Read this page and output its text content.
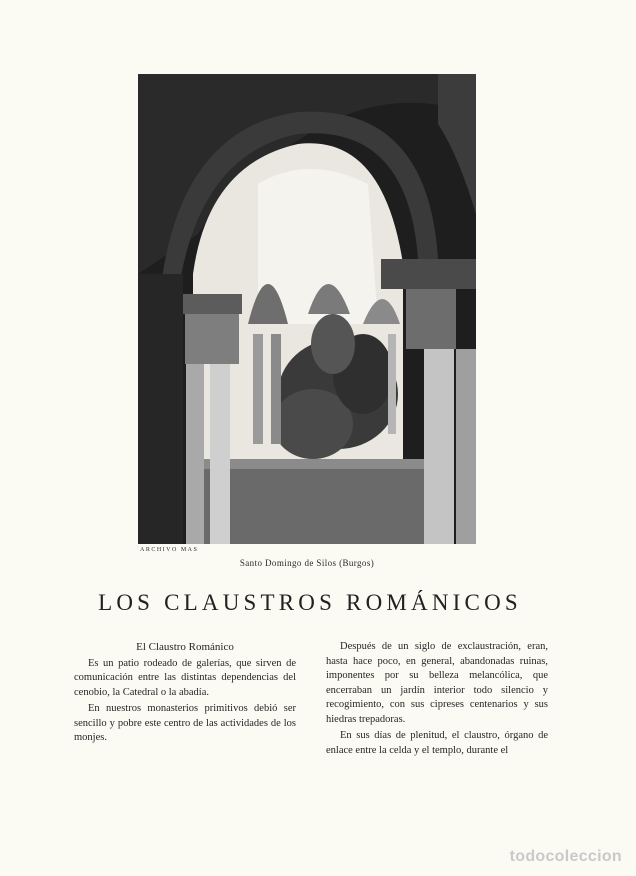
ARCHIVO MAS
Santo Domingo de Silos (Burgos)
LOS CLAUSTROS ROMÁNICOS

El Claustro Románico

Es un patio rodeado de galerías, que sirven de comunicación entre las distintas dependencias del cenobio, la Catedral o la abadía.

En nuestros monasterios primitivos debió ser sencillo y pobre este centro de las actividades de los monjes.

Después de un siglo de exclaustración, eran, hasta hace poco, en general, abandonadas ruinas, imponentes por su belleza melancólica, que encerraban un jardín interior todo silencio y recogimiento, con sus cipreses centenarios y sus hiedras trepadoras.

En sus días de plenitud, el claustro, órgano de enlace entre la celda y el templo, durante el

todocoleccion
